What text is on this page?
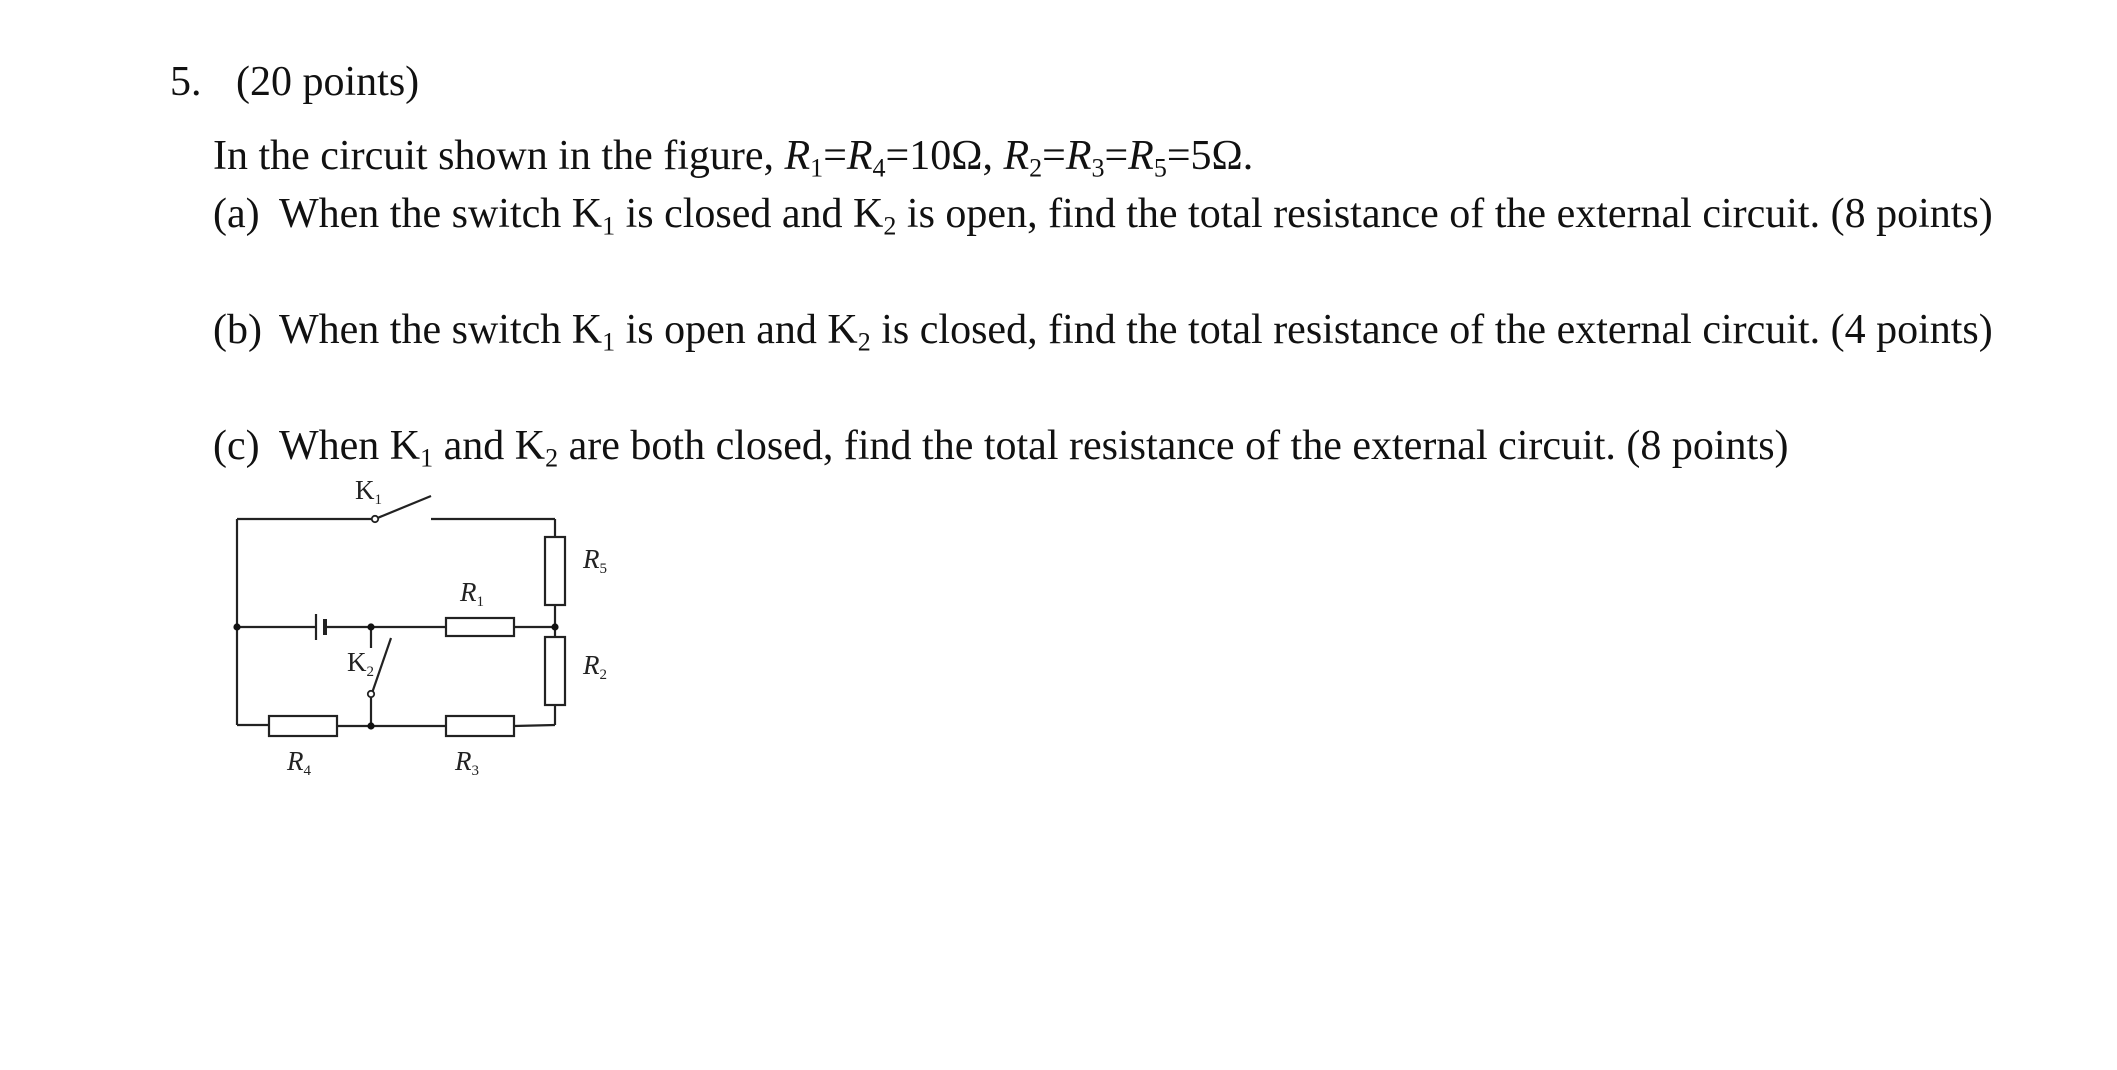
5. (20 points)
In the circuit shown in the figure, $R_1=R_4=10\Omega$, $R_2=R_3=R_5=5\Omega$.
(a) When the switch $K_1$ is closed and $K_2$ is open, find the total resistance of the external circuit. (8 points)
(b) When the switch $K_1$ is open and $K_2$ is closed, find the total resistance of the external circuit. (4 points)
(c) When $K_1$ and $K_2$ are both closed, find the total resistance of the external circuit. (8 points)
K1
R5
R1
K2	R2
R4	R3
